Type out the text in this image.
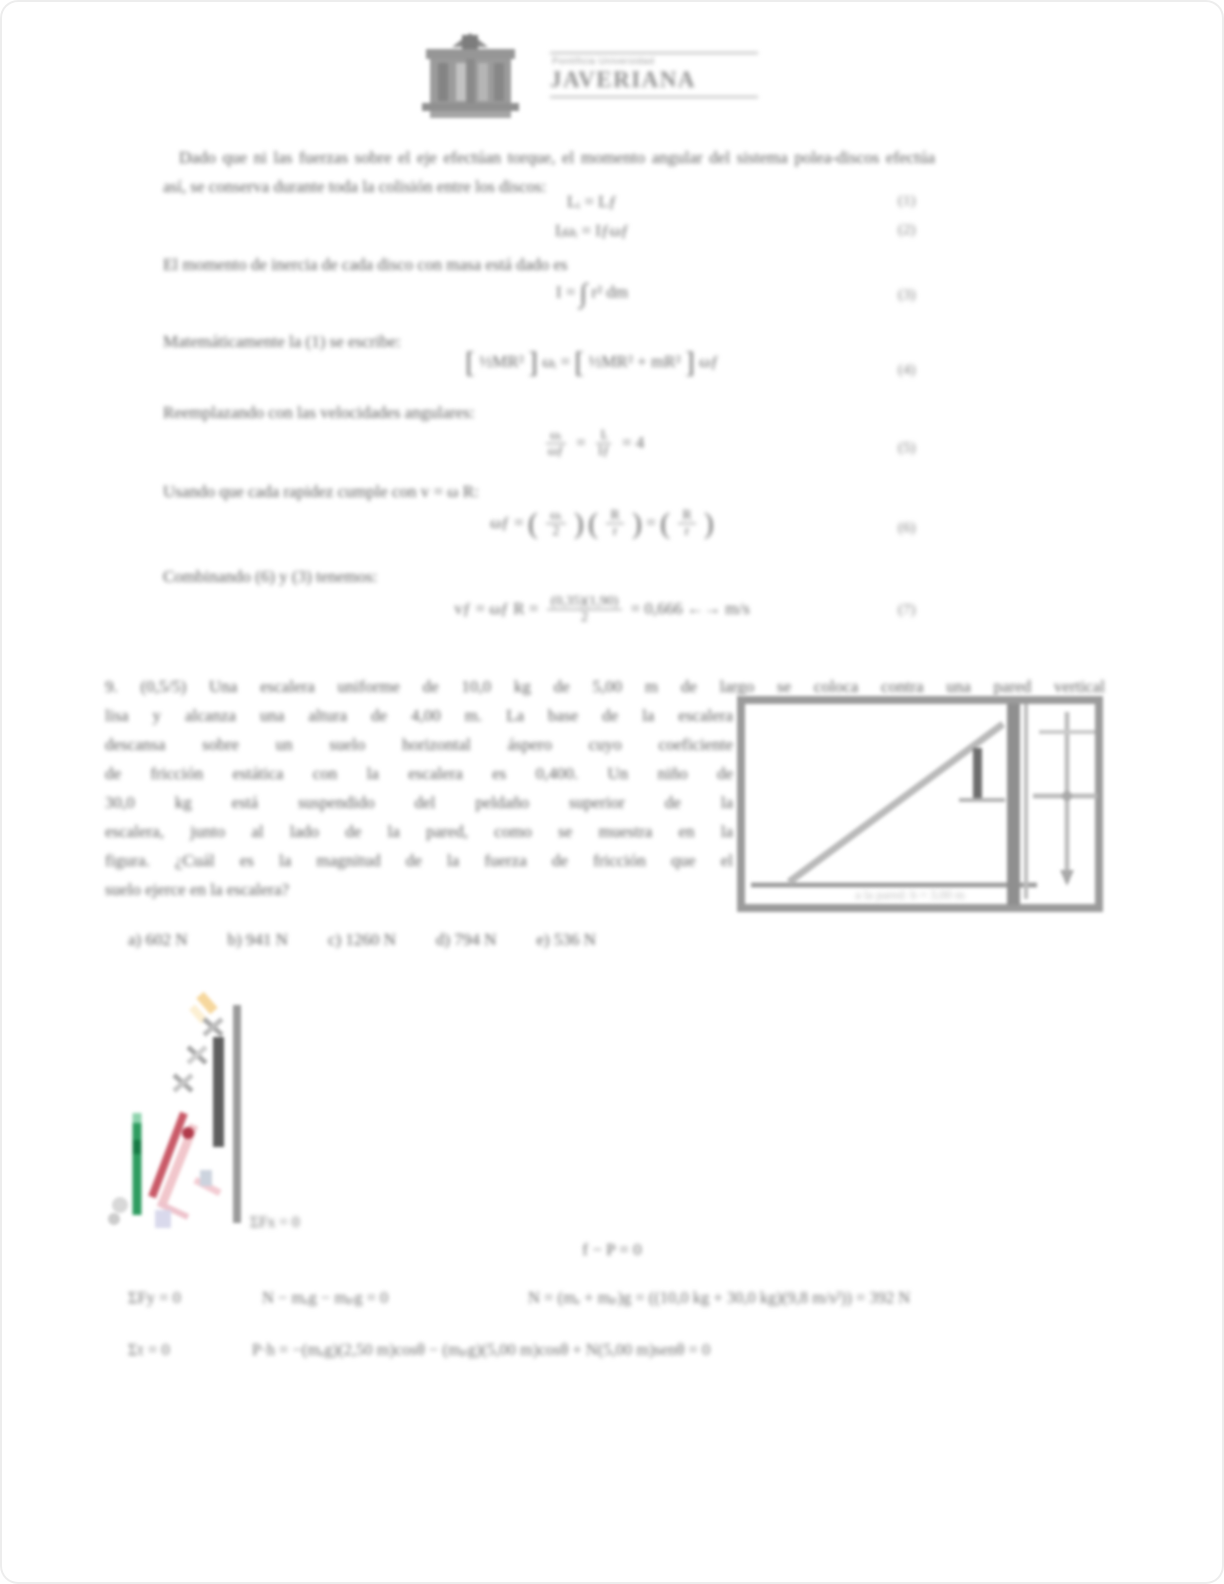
Pontificia Universidad
JAVERIANA
Dado que ni las fuerzas sobre el eje efectúan torque, el momento angular del sistema polea-discos efectúa
así, se conserva durante toda la colisión entre los discos:
Lᵢ = Lƒ
Iᵢωᵢ = Iƒωƒ
(1)
(2)
El momento de inercia de cada disco con masa está dado es
I = ∫ r² dm	(3)
Matemáticamente la (1) se escribe:
[ ½MR² ] ωᵢ = [ ½MR² + mR² ] ωƒ	(4)
Reemplazando con las velocidades angulares:
$\frac{\text{ωᵢ}}{\omega ƒ} = \frac{\text{Iᵢ}}{Iƒ} = 4$	(5)
Usando que cada rapidez cumple con v = ω R:
ωƒ = ( $\frac{\text{ωᵢ}}{2}$ ) ( $\frac{R}{r}$ ) = ( $\frac{R}{r}$ )	(6)
Combinando (6) y (3) tenemos:
vƒ = ωƒ $R = \frac{(0,35)(1,90)}{2} = 0,666$ ←→ m/s	(7)
9. (0,5/5) Una escalera uniforme de 10,0 kg de 5,00 m de largo se coloca contra una pared vertical
lisa y alcanza una altura de 4,00 m. La base de la escalera
descansa sobre un suelo horizontal áspero cuyo coeficiente
de fricción estática con la escalera es 0,400. Un niño de
30,0 kg está suspendido del peldaño superior de la
escalera, junto al lado de la pared, como se muestra en la
figura. ¿Cuál es la magnitud de la fuerza de fricción que el
suelo ejerce en la escalera?	a la pared: b = 3,00 m
a) 602 N b) 941 N c) 1260 N d) 794 N e) 536 N
ΣFx = 0
f − P = 0
ΣFy = 0	N − mₑg − mₚg = 0	N = (mₑ + mₚ)g = ((10,0 kg + 30,0 kg)(9,8 m/s²)) = 392 N
Στ = 0	P·h = −(mₑg)(2,50 m)cosθ − (mₚg)(5,00 m)cosθ + N(5,00 m)senθ = 0
